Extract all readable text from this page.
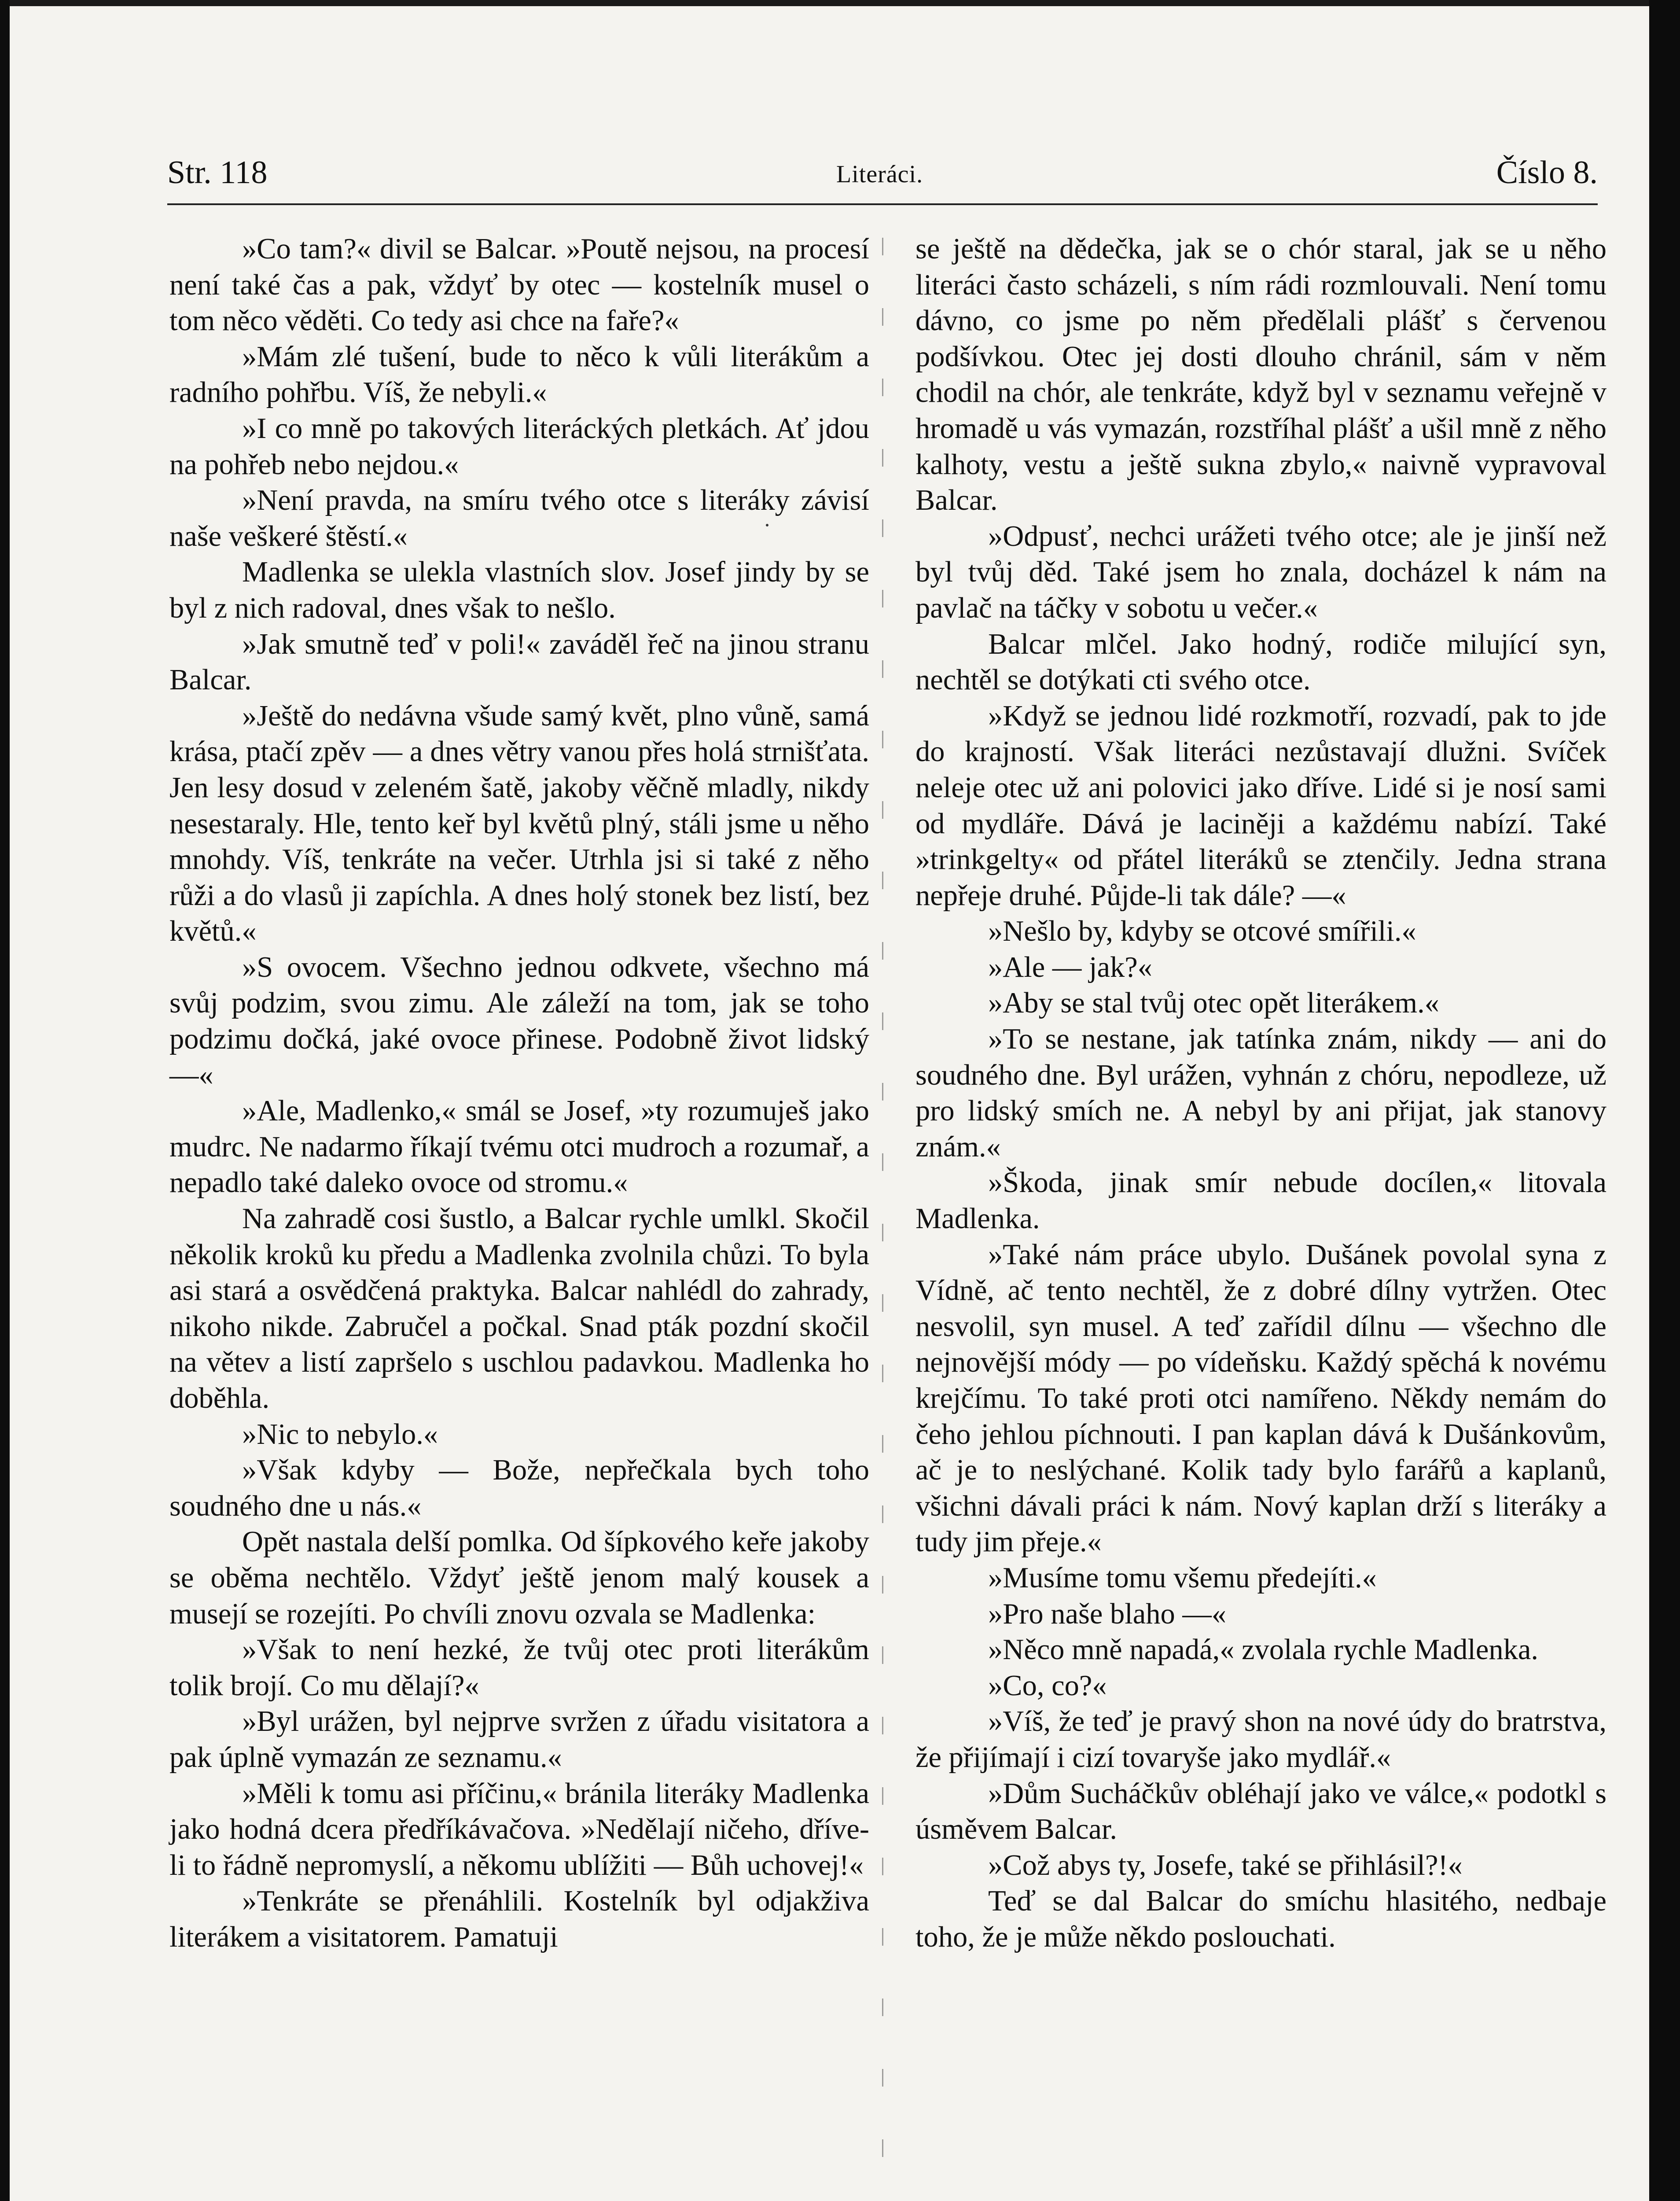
Str. 118	Literáci.	Číslo 8.

»Co tam?« divil se Balcar. »Poutě nejsou, na procesí není také čas a pak, vždyť by otec — kostelník musel o tom něco věděti. Co tedy asi chce na faře?«

»Mám zlé tušení, bude to něco k vůli literákům a radního pohřbu. Víš, že nebyli.«

»I co mně po takových literáckých pletkách. Ať jdou na pohřeb nebo nejdou.«

»Není pravda, na smíru tvého otce s literáky závisí naše veškeré štěstí.«

Madlenka se ulekla vlastních slov. Josef jindy by se byl z nich radoval, dnes však to nešlo.

»Jak smutně teď v poli!« zaváděl řeč na jinou stranu Balcar.

»Ještě do nedávna všude samý květ, plno vůně, samá krása, ptačí zpěv — a dnes větry vanou přes holá strnišťata. Jen lesy dosud v zeleném šatě, jakoby věčně mladly, nikdy nesestaraly. Hle, tento keř byl květů plný, stáli jsme u něho mnohdy. Víš, tenkráte na večer. Utrhla jsi si také z něho růži a do vlasů ji zapíchla. A dnes holý stonek bez listí, bez květů.«

»S ovocem. Všechno jednou odkvete, všechno má svůj podzim, svou zimu. Ale záleží na tom, jak se toho podzimu dočká, jaké ovoce přinese. Podobně život lidský —«

»Ale, Madlenko,« smál se Josef, »ty rozumuješ jako mudrc. Ne nadarmo říkají tvému otci mudroch a rozumař, a nepadlo také daleko ovoce od stromu.«

Na zahradě cosi šustlo, a Balcar rychle umlkl. Skočil několik kroků ku předu a Madlenka zvolnila chůzi. To byla asi stará a osvědčená praktyka. Balcar nahlédl do zahrady, nikoho nikde. Zabručel a počkal. Snad pták pozdní skočil na větev a listí zapršelo s uschlou padavkou. Madlenka ho doběhla.

»Nic to nebylo.«

»Však kdyby — Bože, nepřečkala bych toho soudného dne u nás.«

Opět nastala delší pomlka. Od šípkového keře jakoby se oběma nechtělo. Vždyť ještě jenom malý kousek a musejí se rozejíti. Po chvíli znovu ozvala se Madlenka:

»Však to není hezké, že tvůj otec proti literákům tolik brojí. Co mu dělají?«

»Byl urážen, byl nejprve svržen z úřadu visitatora a pak úplně vymazán ze seznamu.«

»Měli k tomu asi příčinu,« bránila literáky Madlenka jako hodná dcera předříkávačova. »Nedělají ničeho, dříve-li to řádně nepromyslí, a někomu ublížiti — Bůh uchovej!«

»Tenkráte se přenáhlili. Kostelník byl odjakživa literákem a visitatorem. Pamatuji

se ještě na dědečka, jak se o chór staral, jak se u něho literáci často scházeli, s ním rádi rozmlouvali. Není tomu dávno, co jsme po něm předělali plášť s červenou podšívkou. Otec jej dosti dlouho chránil, sám v něm chodil na chór, ale tenkráte, když byl v seznamu veřejně v hromadě u vás vymazán, rozstříhal plášť a ušil mně z něho kalhoty, vestu a ještě sukna zbylo,« naivně vypravoval Balcar.

»Odpusť, nechci urážeti tvého otce; ale je jinší než byl tvůj děd. Také jsem ho znala, docházel k nám na pavlač na táčky v sobotu u večer.«

Balcar mlčel. Jako hodný, rodiče milující syn, nechtěl se dotýkati cti svého otce.

»Když se jednou lidé rozkmotří, rozvadí, pak to jde do krajností. Však literáci nezůstavají dlužni. Svíček neleje otec už ani polovici jako dříve. Lidé si je nosí sami od mydláře. Dává je laciněji a každému nabízí. Také »trinkgelty« od přátel literáků se ztenčily. Jedna strana nepřeje druhé. Půjde-li tak dále? —«

»Nešlo by, kdyby se otcové smířili.«

»Ale — jak?«

»Aby se stal tvůj otec opět literákem.«

»To se nestane, jak tatínka znám, nikdy — ani do soudného dne. Byl urážen, vyhnán z chóru, nepodleze, už pro lidský smích ne. A nebyl by ani přijat, jak stanovy znám.«

»Škoda, jinak smír nebude docílen,« litovala Madlenka.

»Také nám práce ubylo. Dušánek povolal syna z Vídně, ač tento nechtěl, že z dobré dílny vytržen. Otec nesvolil, syn musel. A teď zařídil dílnu — všechno dle nejnovější módy — po vídeňsku. Každý spěchá k novému krejčímu. To také proti otci namířeno. Někdy nemám do čeho jehlou píchnouti. I pan kaplan dává k Dušánkovům, ač je to neslýchané. Kolik tady bylo farářů a kaplanů, všichni dávali práci k nám. Nový kaplan drží s literáky a tudy jim přeje.«

»Musíme tomu všemu předejíti.«

»Pro naše blaho —«

»Něco mně napadá,« zvolala rychle Madlenka.

»Co, co?«

»Víš, že teď je pravý shon na nové údy do bratrstva, že přijímají i cizí tovaryše jako mydlář.«

»Dům Sucháčkův obléhají jako ve válce,« podotkl s úsměvem Balcar.

»Což abys ty, Josefe, také se přihlásil?!«

Teď se dal Balcar do smíchu hlasitého, nedbaje toho, že je může někdo poslouchati.
